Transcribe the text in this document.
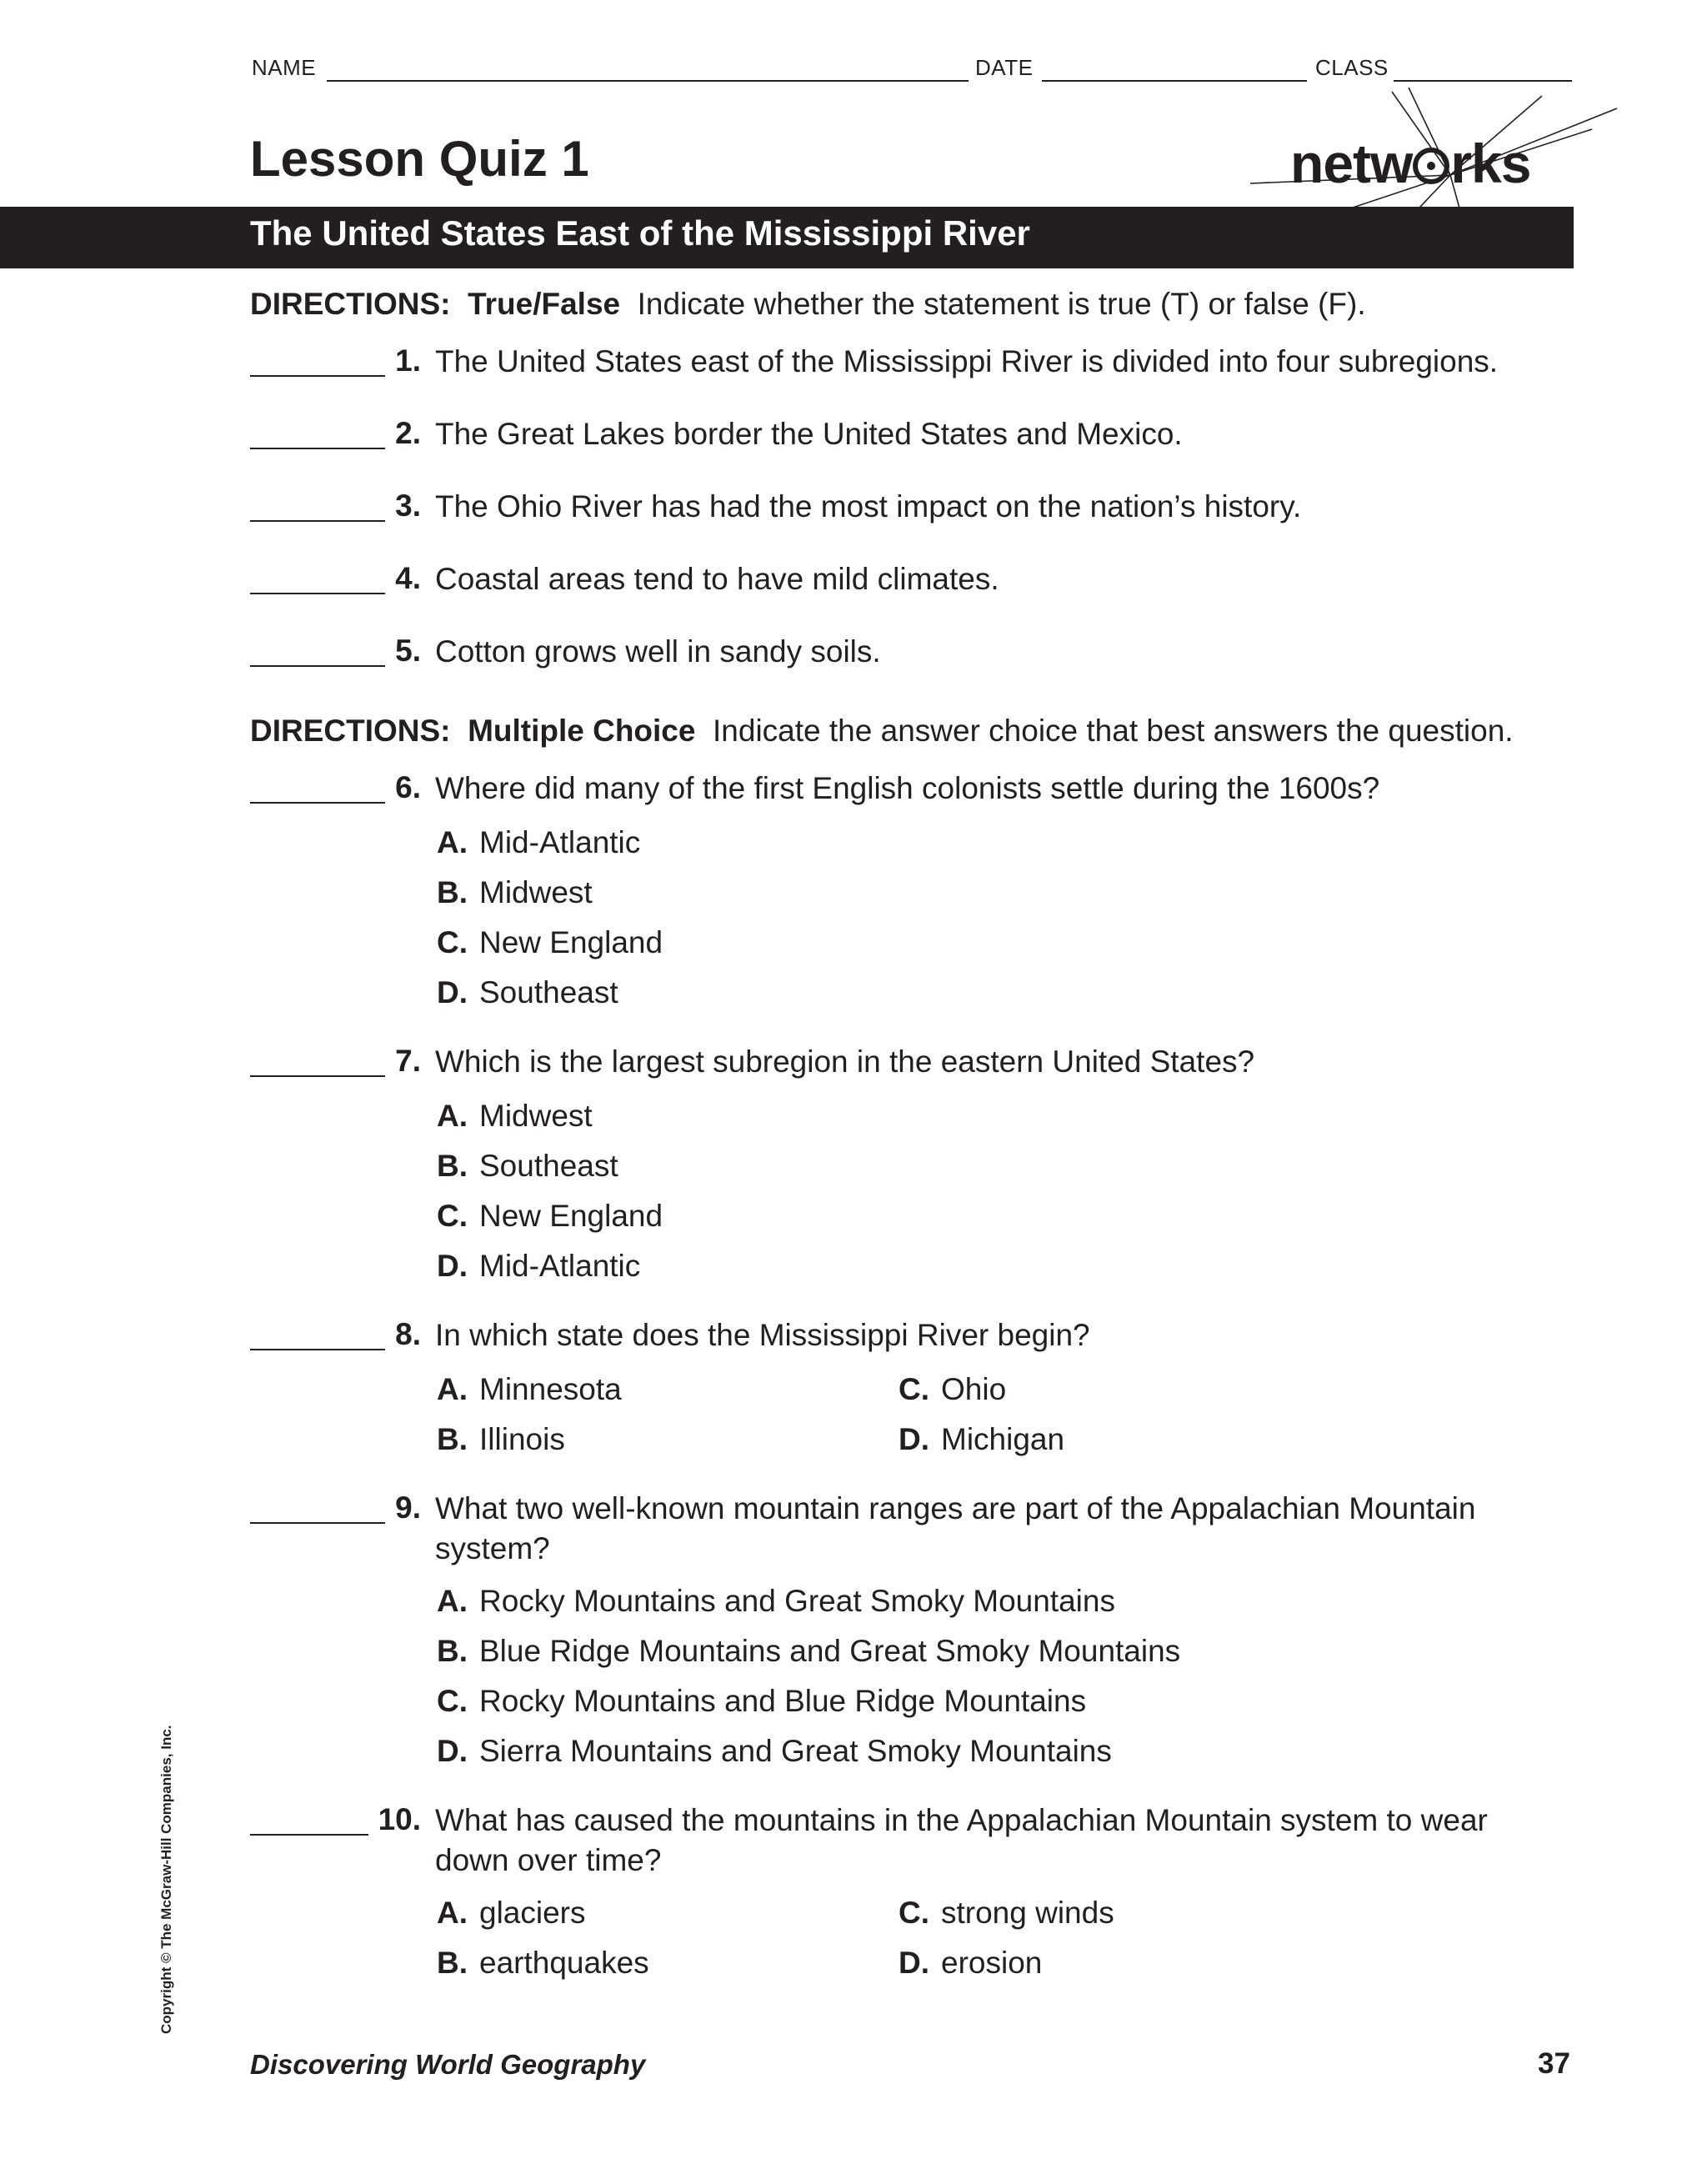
NAME	DATE	CLASS
Lesson Quiz 1	netw rks
The United States East of the Mississippi River
DIRECTIONS: True/False Indicate whether the statement is true (T) or false (F).
1. The United States east of the Mississippi River is divided into four subregions.
2. The Great Lakes border the United States and Mexico.
3. The Ohio River has had the most impact on the nation’s history.
4. Coastal areas tend to have mild climates.
5. Cotton grows well in sandy soils.
DIRECTIONS: Multiple Choice Indicate the answer choice that best answers the question.
6. Where did many of the first English colonists settle during the 1600s?
A. Mid-Atlantic
B. Midwest
C. New England
D. Southeast
7. Which is the largest subregion in the eastern United States?
A. Midwest
B. Southeast
C. New England
D. Mid-Atlantic
8. In which state does the Mississippi River begin?
A. Minnesota
B. Illinois
C. Ohio
D. Michigan
9. What two well-known mountain ranges are part of the Appalachian Mountain system?
A. Rocky Mountains and Great Smoky Mountains
B. Blue Ridge Mountains and Great Smoky Mountains
C. Rocky Mountains and Blue Ridge Mountains
D. Sierra Mountains and Great Smoky Mountains
10. What has caused the mountains in the Appalachian Mountain system to wear down over time?
A. glaciers
B. earthquakes
C. strong winds
D. erosion
Copyright © The McGraw-Hill Companies, Inc.
Discovering World Geography	37
